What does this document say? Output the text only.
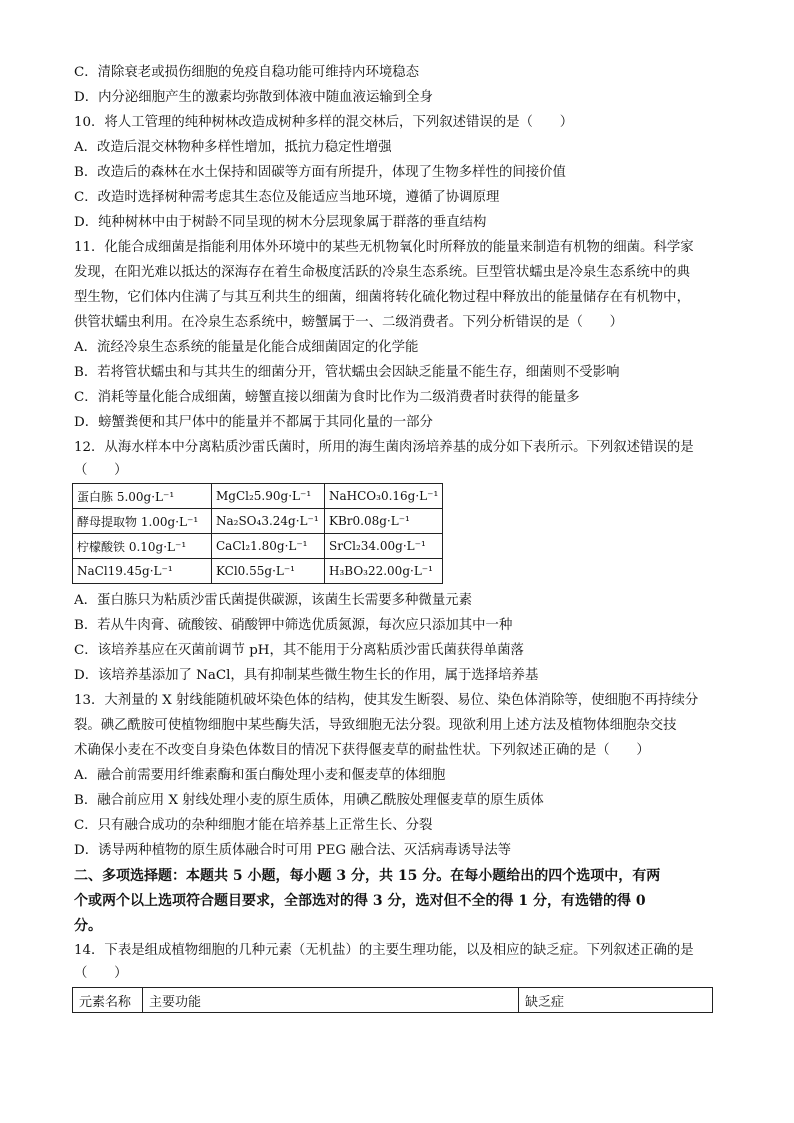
C．清除衰老或损伤细胞的免疫自稳功能可维持内环境稳态
D．内分泌细胞产生的激素均弥散到体液中随血液运输到全身
10．将人工管理的纯种树林改造成树种多样的混交林后，下列叙述错误的是（　　）
A．改造后混交林物种多样性增加，抵抗力稳定性增强
B．改造后的森林在水土保持和固碳等方面有所提升，体现了生物多样性的间接价值
C．改造时选择树种需考虑其生态位及能适应当地环境，遵循了协调原理
D．纯种树林中由于树龄不同呈现的树木分层现象属于群落的垂直结构
11．化能合成细菌是指能利用体外环境中的某些无机物氧化时所释放的能量来制造有机物的细菌。科学家
发现，在阳光难以抵达的深海存在着生命极度活跃的冷泉生态系统。巨型管状蠕虫是冷泉生态系统中的典
型生物，它们体内住满了与其互利共生的细菌，细菌将转化硫化物过程中释放出的能量储存在有机物中，
供管状蠕虫利用。在冷泉生态系统中，螃蟹属于一、二级消费者。下列分析错误的是（　　）
A．流经冷泉生态系统的能量是化能合成细菌固定的化学能
B．若将管状蠕虫和与其共生的细菌分开，管状蠕虫会因缺乏能量不能生存，细菌则不受影响
C．消耗等量化能合成细菌，螃蟹直接以细菌为食时比作为二级消费者时获得的能量多
D．螃蟹粪便和其尸体中的能量并不都属于其同化量的一部分
12．从海水样本中分离粘质沙雷氏菌时，所用的海生菌肉汤培养基的成分如下表所示。下列叙述错误的是
（　　）
蛋白胨 5.00g·L⁻¹	MgCl₂5.90g·L⁻¹	NaHCO₃0.16g·L⁻¹
酵母提取物 1.00g·L⁻¹	Na₂SO₄3.24g·L⁻¹	KBr0.08g·L⁻¹
柠檬酸铁 0.10g·L⁻¹	CaCl₂1.80g·L⁻¹	SrCl₂34.00g·L⁻¹
NaCl19.45g·L⁻¹	KCl0.55g·L⁻¹	H₃BO₃22.00g·L⁻¹
A．蛋白胨只为粘质沙雷氏菌提供碳源，该菌生长需要多种微量元素
B．若从牛肉膏、硫酸铵、硝酸钾中筛选优质氮源，每次应只添加其中一种
C．该培养基应在灭菌前调节 pH，其不能用于分离粘质沙雷氏菌获得单菌落
D．该培养基添加了 NaCl，具有抑制某些微生物生长的作用，属于选择培养基
13．大剂量的 X 射线能随机破坏染色体的结构，使其发生断裂、易位、染色体消除等，使细胞不再持续分
裂。碘乙酰胺可使植物细胞中某些酶失活，导致细胞无法分裂。现欲利用上述方法及植物体细胞杂交技
术确保小麦在不改变自身染色体数目的情况下获得偃麦草的耐盐性状。下列叙述正确的是（　　）
A．融合前需要用纤维素酶和蛋白酶处理小麦和偃麦草的体细胞
B．融合前应用 X 射线处理小麦的原生质体，用碘乙酰胺处理偃麦草的原生质体
C．只有融合成功的杂种细胞才能在培养基上正常生长、分裂
D．诱导两种植物的原生质体融合时可用 PEG 融合法、灭活病毒诱导法等
二、多项选择题：本题共 5 小题，每小题 3 分，共 15 分。在每小题给出的四个选项中，有两
个或两个以上选项符合题目要求，全部选对的得 3 分，选对但不全的得 1 分，有选错的得 0
分。
14．下表是组成植物细胞的几种元素（无机盐）的主要生理功能，以及相应的缺乏症。下列叙述正确的是
（　　）
元素名称	主要功能	缺乏症
